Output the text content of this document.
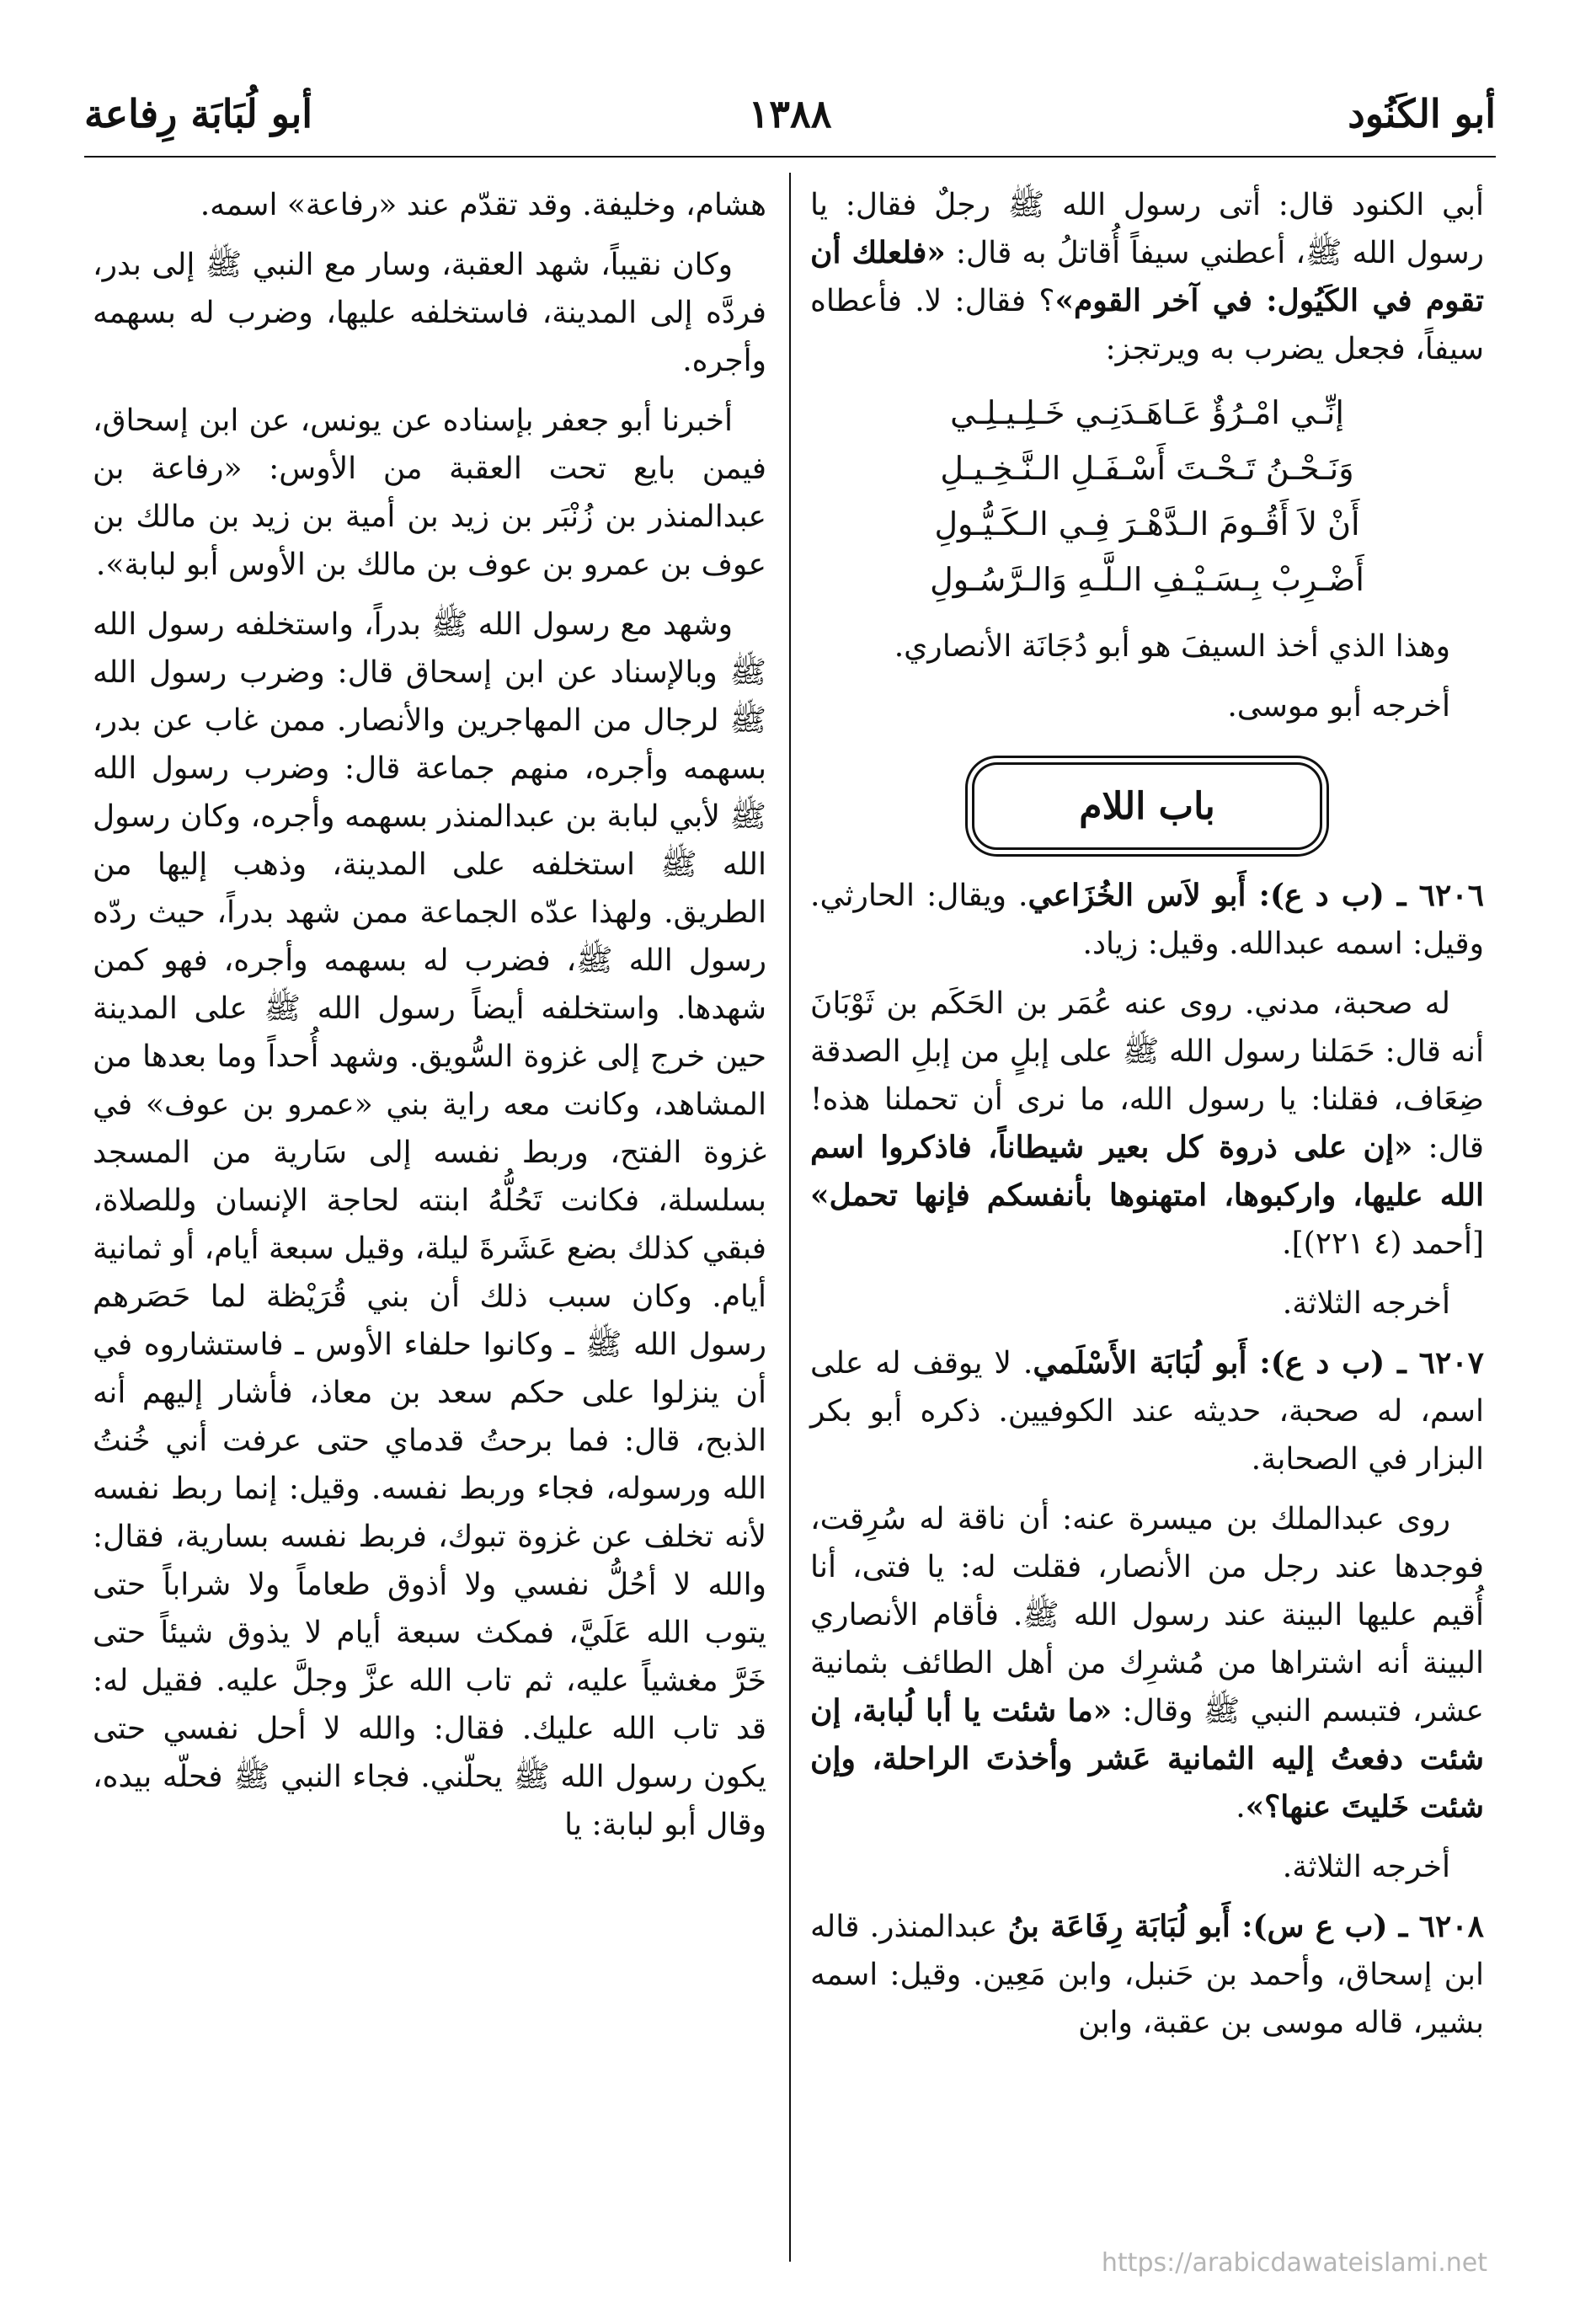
أبو الكَنُود
١٣٨٨
أبو لُبَابَة رِفاعة

أبي الكنود قال: أتى رسول الله ﷺ رجلٌ فقال: يا رسول الله ﷺ، أعطني سيفاً أُقاتلُ به قال: «فلعلك أن تقوم في الكَيُول: في آخر القوم»؟ فقال: لا. فأعطاه سيفاً، فجعل يضرب به ويرتجز:

إنِّـي امْـرُؤٌ عَـاهَـدَنِـي خَـلِـيـلِـي
وَنَـحْـنُ تَـحْـتَ أَسْـفَـلِ الـنَّـخِـيـلِ
أَنْ لاَ أَقُـومَ الـدَّهْـرَ فِـي الـكَـيُّـولِ
أَضْـرِبْ بِـسَـيْـفِ الـلَّـهِ وَالـرَّسُـولِ

وهذا الذي أخذ السيفَ هو أبو دُجَانَة الأنصاري.

أخرجه أبو موسى.

باب اللام

٦٢٠٦ ـ (ب د ع): أَبو لاَس الخُزَاعي. ويقال: الحارثي. وقيل: اسمه عبدالله. وقيل: زياد.

له صحبة، مدني. روى عنه عُمَر بن الحَكَم بن ثَوْبَانَ أنه قال: حَمَلنا رسول الله ﷺ على إبلٍ من إبلِ الصدقة ضِعَاف، فقلنا: يا رسول الله، ما نرى أن تحملنا هذه! قال: «إن على ذروة كل بعير شيطاناً، فاذكروا اسم الله عليها، واركبوها، امتهنوها بأنفسكم فإنها تحمل» [أحمد (٤ ٢٢١)].

أخرجه الثلاثة.

٦٢٠٧ ـ (ب د ع): أَبو لُبَابَة الأَسْلَمي. لا يوقف له على اسم، له صحبة، حديثه عند الكوفيين. ذكره أبو بكر البزار في الصحابة.

روى عبدالملك بن ميسرة عنه: أن ناقة له سُرِقت، فوجدها عند رجل من الأنصار، فقلت له: يا فتى، أنا أُقيم عليها البينة عند رسول الله ﷺ. فأقام الأنصاري البينة أنه اشتراها من مُشرِك من أهل الطائف بثمانية عشر، فتبسم النبي ﷺ وقال: «ما شئت يا أبا لُبابة، إن شئت دفعتُ إليه الثمانية عَشر وأخذتَ الراحلة، وإن شئت خَليتَ عنها؟».

أخرجه الثلاثة.

٦٢٠٨ ـ (ب ع س): أَبو لُبَابَة رِفَاعَة بنُ عبدالمنذر. قاله ابن إسحاق، وأحمد بن حَنبل، وابن مَعِين. وقيل: اسمه بشير، قاله موسى بن عقبة، وابن

هشام، وخليفة. وقد تقدّم عند «رفاعة» اسمه.

وكان نقيباً، شهد العقبة، وسار مع النبي ﷺ إلى بدر، فردَّه إلى المدينة، فاستخلفه عليها، وضرب له بسهمه وأجره.

أخبرنا أبو جعفر بإسناده عن يونس، عن ابن إسحاق، فيمن بايع تحت العقبة من الأوس: «رفاعة بن عبدالمنذر بن زُنْبَر بن زيد بن أمية بن زيد بن مالك بن عوف بن عمرو بن عوف بن مالك بن الأوس أبو لبابة».

وشهد مع رسول الله ﷺ بدراً، واستخلفه رسول الله ﷺ وبالإسناد عن ابن إسحاق قال: وضرب رسول الله ﷺ لرجال من المهاجرين والأنصار. ممن غاب عن بدر، بسهمه وأجره، منهم جماعة قال: وضرب رسول الله ﷺ لأبي لبابة بن عبدالمنذر بسهمه وأجره، وكان رسول الله ﷺ استخلفه على المدينة، وذهب إليها من الطريق. ولهذا عدّه الجماعة ممن شهد بدراً، حيث ردّه رسول الله ﷺ، فضرب له بسهمه وأجره، فهو كمن شهدها. واستخلفه أيضاً رسول الله ﷺ على المدينة حين خرج إلى غزوة السُّويق. وشهد أُحداً وما بعدها من المشاهد، وكانت معه راية بني «عمرو بن عوف» في غزوة الفتح، وربط نفسه إلى سَارية من المسجد بسلسلة، فكانت تَحُلُّهُ ابنته لحاجة الإنسان وللصلاة، فبقي كذلك بضع عَشَرةَ ليلة، وقيل سبعة أيام، أو ثمانية أيام. وكان سبب ذلك أن بني قُرَيْظة لما حَصَرهم رسول الله ﷺ ـ وكانوا حلفاء الأوس ـ فاستشاروه في أن ينزلوا على حكم سعد بن معاذ، فأشار إليهم أنه الذبح، قال: فما برحتُ قدماي حتى عرفت أني خُنتُ الله ورسوله، فجاء وربط نفسه. وقيل: إنما ربط نفسه لأنه تخلف عن غزوة تبوك، فربط نفسه بسارية، فقال: والله لا أحُلُّ نفسي ولا أذوق طعاماً ولا شراباً حتى يتوب الله عَلَيَّ، فمكث سبعة أيام لا يذوق شيئاً حتى خَرَّ مغشياً عليه، ثم تاب الله عزَّ وجلَّ عليه. فقيل له: قد تاب الله عليك. فقال: والله لا أحل نفسي حتى يكون رسول الله ﷺ يحلّني. فجاء النبي ﷺ فحلّه بيده، وقال أبو لبابة: يا

https://arabicdawateislami.net
